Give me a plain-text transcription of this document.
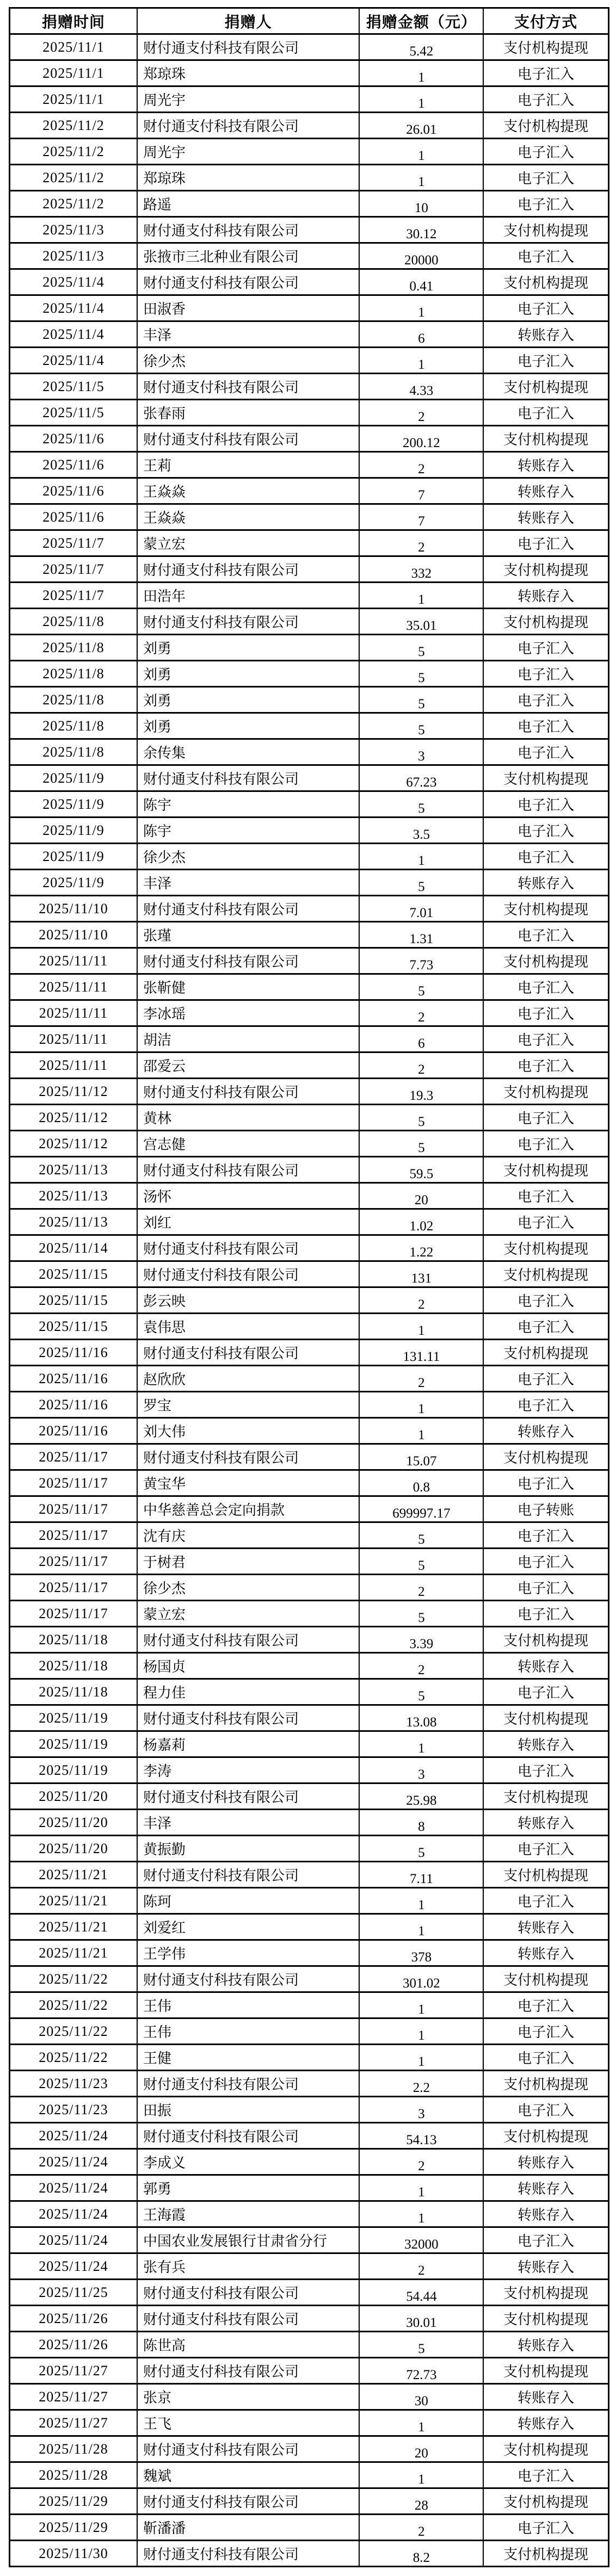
捐赠时间	捐赠人	捐赠金额（元）	支付方式
2025/11/1	财付通支付科技有限公司	5.42	支付机构提现
2025/11/1	郑琼珠	1	电子汇入
2025/11/1	周光宇	1	电子汇入
2025/11/2	财付通支付科技有限公司	26.01	支付机构提现
2025/11/2	周光宇	1	电子汇入
2025/11/2	郑琼珠	1	电子汇入
2025/11/2	路遥	10	电子汇入
2025/11/3	财付通支付科技有限公司	30.12	支付机构提现
2025/11/3	张掖市三北种业有限公司	20000	电子汇入
2025/11/4	财付通支付科技有限公司	0.41	支付机构提现
2025/11/4	田淑香	1	电子汇入
2025/11/4	丰泽	6	转账存入
2025/11/4	徐少杰	1	电子汇入
2025/11/5	财付通支付科技有限公司	4.33	支付机构提现
2025/11/5	张春雨	2	电子汇入
2025/11/6	财付通支付科技有限公司	200.12	支付机构提现
2025/11/6	王莉	2	转账存入
2025/11/6	王焱焱	7	转账存入
2025/11/6	王焱焱	7	转账存入
2025/11/7	蒙立宏	2	电子汇入
2025/11/7	财付通支付科技有限公司	332	支付机构提现
2025/11/7	田浩年	1	转账存入
2025/11/8	财付通支付科技有限公司	35.01	支付机构提现
2025/11/8	刘勇	5	电子汇入
2025/11/8	刘勇	5	电子汇入
2025/11/8	刘勇	5	电子汇入
2025/11/8	刘勇	5	电子汇入
2025/11/8	余传集	3	电子汇入
2025/11/9	财付通支付科技有限公司	67.23	支付机构提现
2025/11/9	陈宇	5	电子汇入
2025/11/9	陈宇	3.5	电子汇入
2025/11/9	徐少杰	1	电子汇入
2025/11/9	丰泽	5	转账存入
2025/11/10	财付通支付科技有限公司	7.01	支付机构提现
2025/11/10	张瑾	1.31	电子汇入
2025/11/11	财付通支付科技有限公司	7.73	支付机构提现
2025/11/11	张靳健	5	电子汇入
2025/11/11	李冰瑶	2	电子汇入
2025/11/11	胡洁	6	电子汇入
2025/11/11	邵爱云	2	电子汇入
2025/11/12	财付通支付科技有限公司	19.3	支付机构提现
2025/11/12	黄林	5	电子汇入
2025/11/12	宫志健	5	电子汇入
2025/11/13	财付通支付科技有限公司	59.5	支付机构提现
2025/11/13	汤怀	20	电子汇入
2025/11/13	刘红	1.02	电子汇入
2025/11/14	财付通支付科技有限公司	1.22	支付机构提现
2025/11/15	财付通支付科技有限公司	131	支付机构提现
2025/11/15	彭云映	2	电子汇入
2025/11/15	袁伟思	1	电子汇入
2025/11/16	财付通支付科技有限公司	131.11	支付机构提现
2025/11/16	赵欣欣	2	电子汇入
2025/11/16	罗宝	1	电子汇入
2025/11/16	刘大伟	1	转账存入
2025/11/17	财付通支付科技有限公司	15.07	支付机构提现
2025/11/17	黄宝华	0.8	电子汇入
2025/11/17	中华慈善总会定向捐款	699997.17	电子转账
2025/11/17	沈有庆	5	电子汇入
2025/11/17	于树君	5	电子汇入
2025/11/17	徐少杰	2	电子汇入
2025/11/17	蒙立宏	5	电子汇入
2025/11/18	财付通支付科技有限公司	3.39	支付机构提现
2025/11/18	杨国贞	2	转账存入
2025/11/18	程力佳	5	电子汇入
2025/11/19	财付通支付科技有限公司	13.08	支付机构提现
2025/11/19	杨嘉莉	1	转账存入
2025/11/19	李涛	3	电子汇入
2025/11/20	财付通支付科技有限公司	25.98	支付机构提现
2025/11/20	丰泽	8	转账存入
2025/11/20	黄振勤	5	电子汇入
2025/11/21	财付通支付科技有限公司	7.11	支付机构提现
2025/11/21	陈珂	1	电子汇入
2025/11/21	刘爱红	1	转账存入
2025/11/21	王学伟	378	转账存入
2025/11/22	财付通支付科技有限公司	301.02	支付机构提现
2025/11/22	王伟	1	电子汇入
2025/11/22	王伟	1	电子汇入
2025/11/22	王健	1	电子汇入
2025/11/23	财付通支付科技有限公司	2.2	支付机构提现
2025/11/23	田振	3	电子汇入
2025/11/24	财付通支付科技有限公司	54.13	支付机构提现
2025/11/24	李成义	2	转账存入
2025/11/24	郭勇	1	转账存入
2025/11/24	王海霞	1	转账存入
2025/11/24	中国农业发展银行甘肃省分行	32000	电子汇入
2025/11/24	张有兵	2	转账存入
2025/11/25	财付通支付科技有限公司	54.44	支付机构提现
2025/11/26	财付通支付科技有限公司	30.01	支付机构提现
2025/11/26	陈世高	5	转账存入
2025/11/27	财付通支付科技有限公司	72.73	支付机构提现
2025/11/27	张京	30	转账存入
2025/11/27	王飞	1	转账存入
2025/11/28	财付通支付科技有限公司	20	支付机构提现
2025/11/28	魏斌	1	电子汇入
2025/11/29	财付通支付科技有限公司	28	支付机构提现
2025/11/29	靳潘潘	2	电子汇入
2025/11/30	财付通支付科技有限公司	8.2	支付机构提现
